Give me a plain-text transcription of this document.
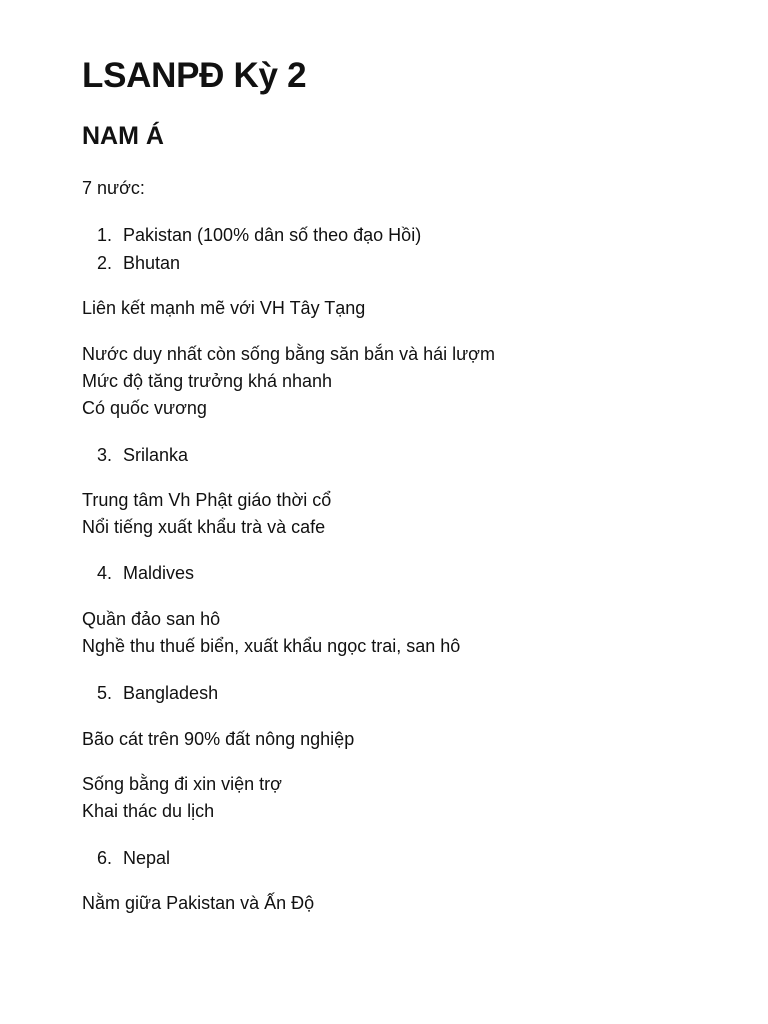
LSANPĐ Kỳ 2
NAM Á
7 nước:
1. Pakistan (100% dân số theo đạo Hồi)
2. Bhutan
Liên kết mạnh mẽ với VH Tây Tạng
Nước duy nhất còn sống bằng săn bắn và hái lượm
Mức độ tăng trưởng khá nhanh
Có quốc vương
3. Srilanka
Trung tâm Vh Phật giáo thời cổ
Nổi tiếng xuất khẩu trà và cafe
4. Maldives
Quần đảo san hô
Nghề thu thuế biển, xuất khẩu ngọc trai, san hô
5. Bangladesh
Bão cát trên 90% đất nông nghiệp
Sống bằng đi xin viện trợ
Khai thác du lịch
6. Nepal
Nằm giữa Pakistan và Ấn Độ
